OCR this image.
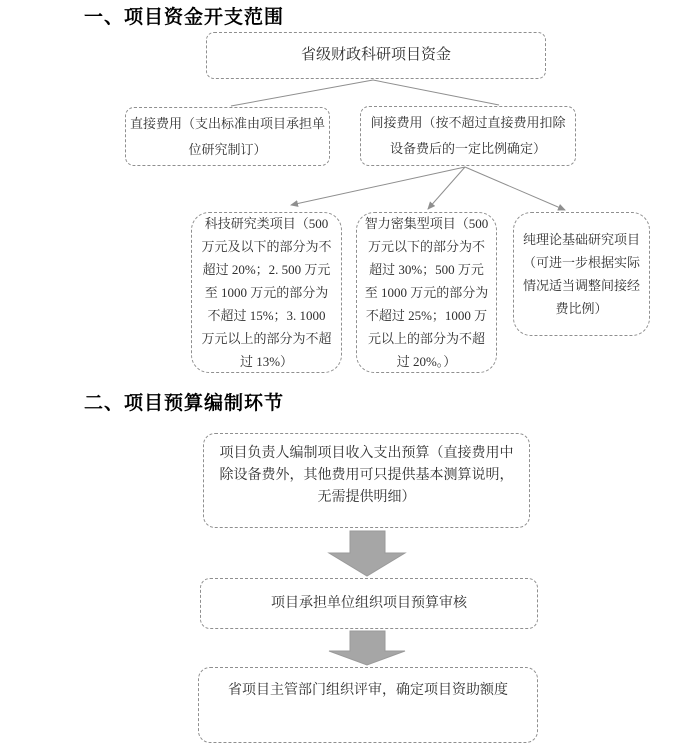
一、项目资金开支范围
省级财政科研项目资金
直接费用（支出标准由项目承担单位研究制订）
间接费用（按不超过直接费用扣除设备费后的一定比例确定）
科技研究类项目（500 万元及以下的部分为不超过 20%；2. 500 万元至 1000 万元的部分为不超过 15%；3. 1000 万元以上的部分为不超过 13%）
智力密集型项目（500 万元以下的部分为不超过 30%；500 万元至 1000 万元的部分为不超过 25%；1000 万元以上的部分为不超过 20%。）
纯理论基础研究项目（可进一步根据实际情况适当调整间接经费比例）
二、项目预算编制环节
项目负责人编制项目收入支出预算（直接费用中除设备费外，其他费用可只提供基本测算说明，无需提供明细）
项目承担单位组织项目预算审核
省项目主管部门组织评审，确定项目资助额度
